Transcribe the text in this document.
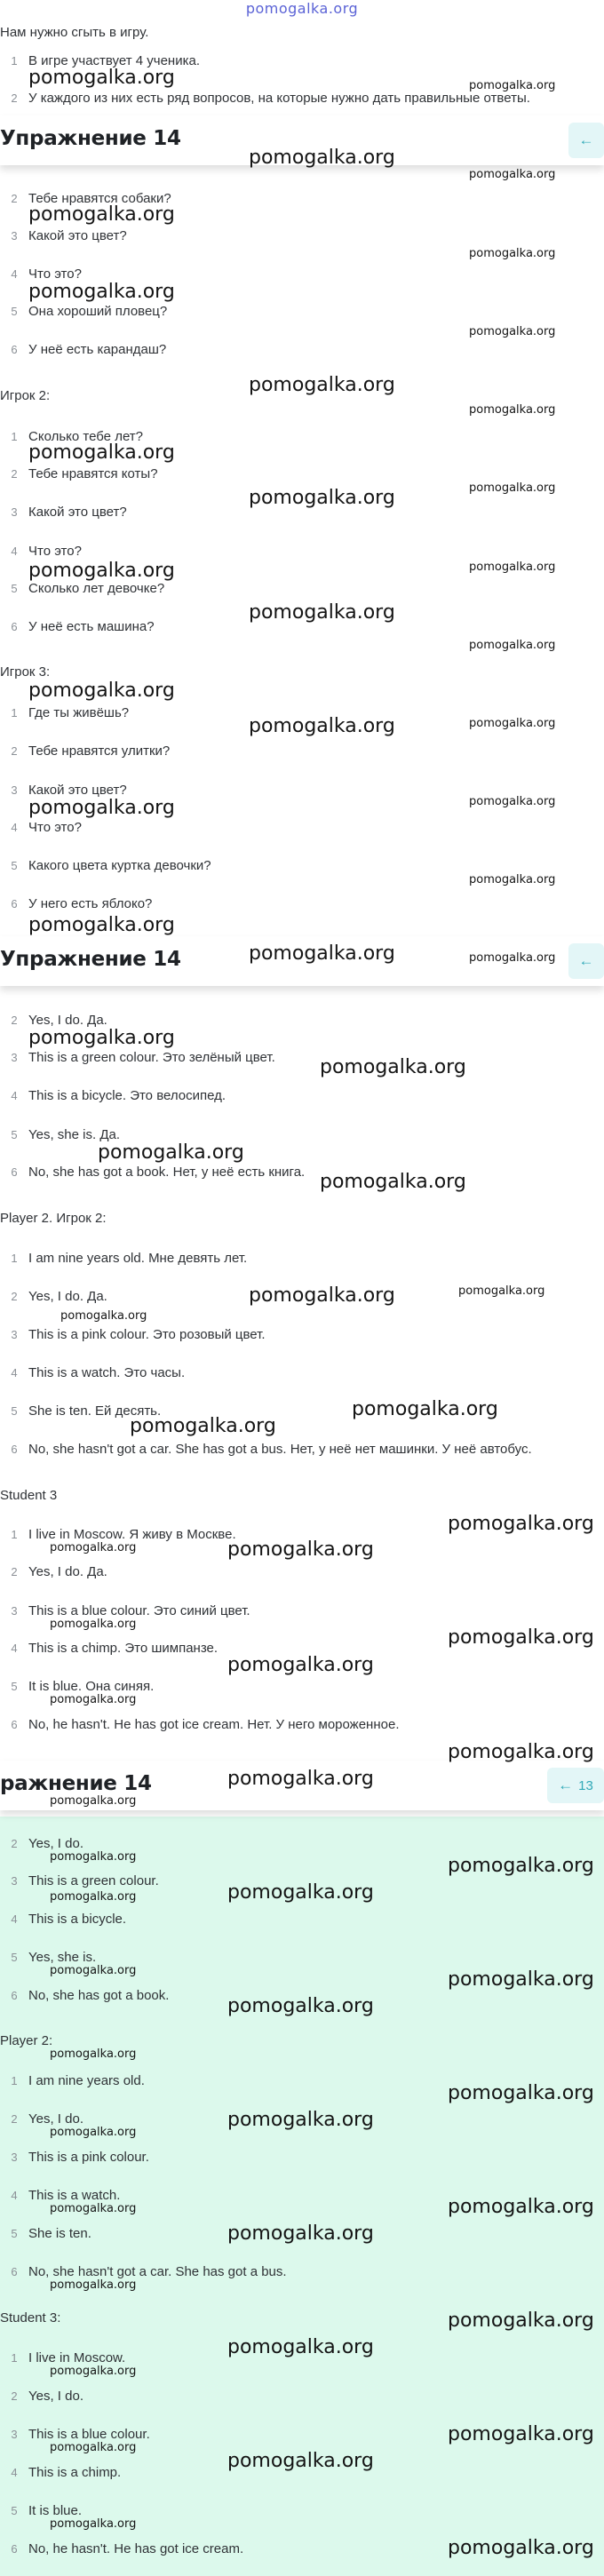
pomogalka.org
Нам нужно сгыть в игру.
1 В игре участвует 4 ученика.
2 У каждого из них есть ряд вопросов, на которые нужно дать правильные ответы.
Упражнение 14	←
2 Тебе нравятся собаки?
3 Какой это цвет?
4 Что это?
5 Она хороший пловец?
6 У неё есть карандаш?
Игрок 2:
1 Сколько тебе лет?
2 Тебе нравятся коты?
3 Какой это цвет?
4 Что это?
5 Сколько лет девочке?
6 У неё есть машина?
Игрок 3:
1 Где ты живёшь?
2 Тебе нравятся улитки?
3 Какой это цвет?
4 Что это?
5 Какого цвета куртка девочки?
6 У него есть яблоко?
Упражнение 14	←
2 Yes, I do. Да.
3 This is a green colour. Это зелёный цвет.
4 This is a bicycle. Это велосипед.
5 Yes, she is. Да.
6 No, she has got a book. Нет, у неё есть книга.
Player 2. Игрок 2:
1 I am nine years old. Мне девять лет.
2 Yes, I do. Да.
3 This is a pink colour. Это розовый цвет.
4 This is a watch. Это часы.
5 She is ten. Ей десять.
6 No, she hasn't got a car. She has got a bus. Нет, у неё нет машинки. У неё автобус.
Student 3
1 I live in Moscow. Я живу в Москве.
2 Yes, I do. Да.
3 This is a blue colour. Это синий цвет.
4 This is a chimp. Это шимпанзе.
5 It is blue. Она синяя.
6 No, he hasn't. He has got ice cream. Нет. У него мороженное.
ражнение 14	← 13
2 Yes, I do.
3 This is a green colour.
4 This is a bicycle.
5 Yes, she is.
6 No, she has got a book.
Player 2:
1 I am nine years old.
2 Yes, I do.
3 This is a pink colour.
4 This is a watch.
5 She is ten.
6 No, she hasn't got a car. She has got a bus.
Student 3:
1 I live in Moscow.
2 Yes, I do.
3 This is a blue colour.
4 This is a chimp.
5 It is blue.
6 No, he hasn't. He has got ice cream.
pomogalka.org	pomogalka.org
pomogalka.org
pomogalka.org
pomogalka.org
pomogalka.org
pomogalka.org
pomogalka.org
pomogalka.org
pomogalka.org
pomogalka.org
pomogalka.org	pomogalka.org
pomogalka.org	pomogalka.org
pomogalka.org
pomogalka.org
pomogalka.org
pomogalka.org	pomogalka.org
pomogalka.org	pomogalka.org
pomogalka.org
pomogalka.org
pomogalka.org	pomogalka.org
pomogalka.org
pomogalka.org
pomogalka.org
pomogalka.org
pomogalka.org	pomogalka.org
pomogalka.org
pomogalka.org
pomogalka.org
pomogalka.org
pomogalka.org
pomogalka.org
pomogalka.org
pomogalka.org
pomogalka.org
pomogalka.org
pomogalka.org
pomogalka.org
pomogalka.org
pomogalka.org	pomogalka.org
pomogalka.org
pomogalka.org
pomogalka.org	pomogalka.org
pomogalka.org
pomogalka.org
pomogalka.org
pomogalka.org
pomogalka.org
pomogalka.org	pomogalka.org
pomogalka.org
pomogalka.org
pomogalka.org
pomogalka.org
pomogalka.org
pomogalka.org
pomogalka.org
pomogalka.org
pomogalka.org
pomogalka.org
